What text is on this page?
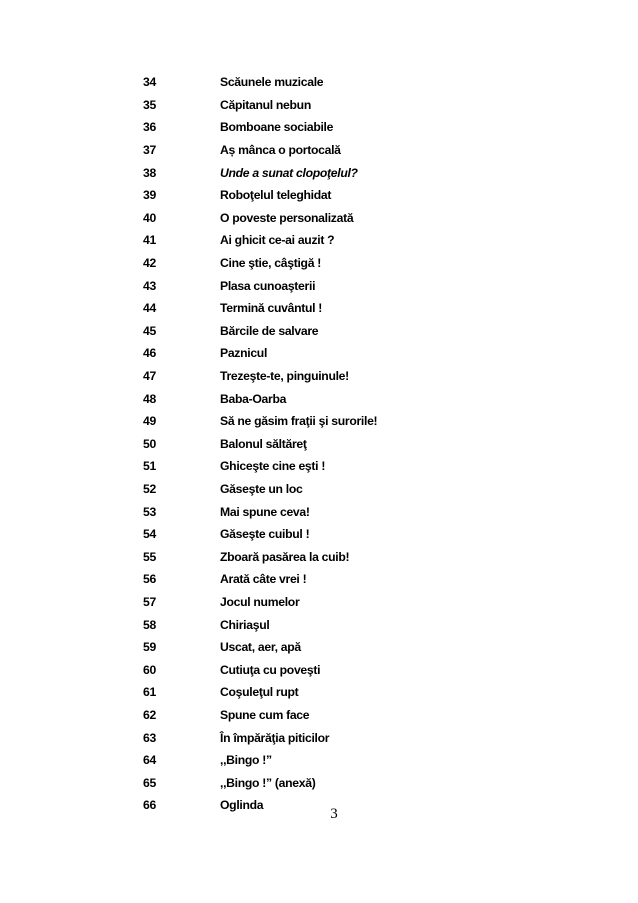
34	Scăunele muzicale
35	Căpitanul nebun
36	Bomboane sociabile
37	Aș mânca o portocală
38	Unde a sunat clopoţelul?
39	Roboţelul teleghidat
40	O poveste personalizată
41	Ai ghicit ce-ai auzit ?
42	Cine ştie, câştigă !
43	Plasa cunoaşterii
44	Termină cuvântul !
45	Bărcile de salvare
46	Paznicul
47	Trezeşte-te, pinguinule!
48	Baba-Oarba
49	Să ne găsim fraţii şi surorile!
50	Balonul săltăreţ
51	Ghiceşte cine eşti !
52	Găseşte un loc
53	Mai spune ceva!
54	Găseşte cuibul !
55	Zboară pasărea la cuib!
56	Arată câte vrei !
57	Jocul numelor
58	Chiriaşul
59	Uscat, aer, apă
60	Cutiuţa cu poveşti
61	Coşuleţul rupt
62	Spune cum face
63	În împărăţia piticilor
64	,,Bingo !”
65	,,Bingo !” (anexă)
66	Oglinda
3
